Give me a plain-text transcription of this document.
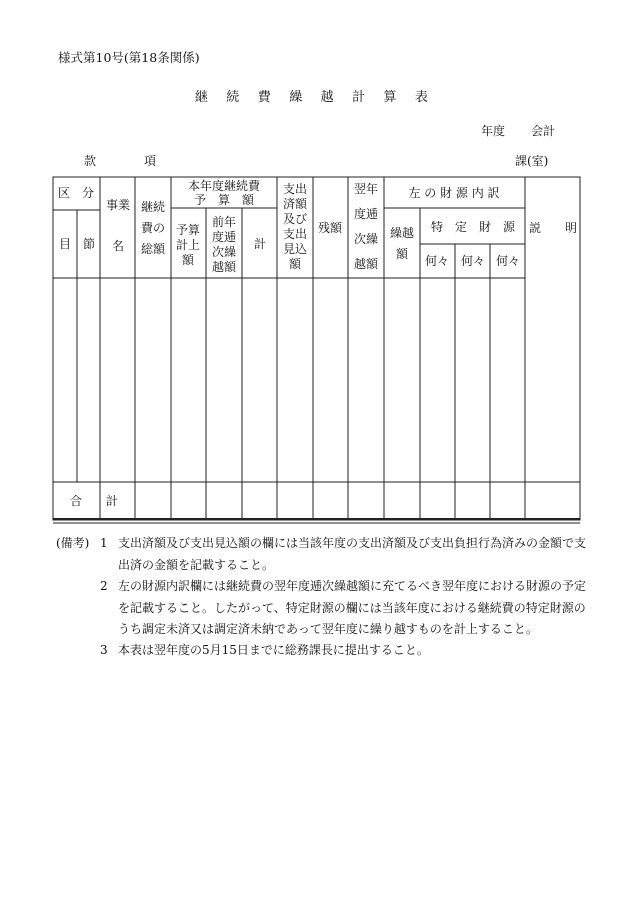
様式第10号(第18条関係)
継 続 費 繰 越 計 算 表
年度 会計
款	項	課(室)
区　分
目 節
事業
名
継続
費の
総額
本年度継続費
予　算　額
予算
計上
額
前年
度逓
次繰
越額
計
支出
済額
及び
支出
見込
額
残額
翌年
度逓
次繰
越額
左 の 財 源 内 訳
繰越
額
特　定　財　源
何々 何々 何々
説　　明
合　　計
(備考) 1 支出済額及び支出見込額の欄には当該年度の支出済額及び支出負担行為済みの金額で支出済の金額を記載すること。
2 左の財源内訳欄には継続費の翌年度逓次繰越額に充てるべき翌年度における財源の予定を記載すること。したがって、特定財源の欄には当該年度における継続費の特定財源のうち調定未済又は調定済未納であって翌年度に繰り越すものを計上すること。
3 本表は翌年度の5月15日までに総務課長に提出すること。
